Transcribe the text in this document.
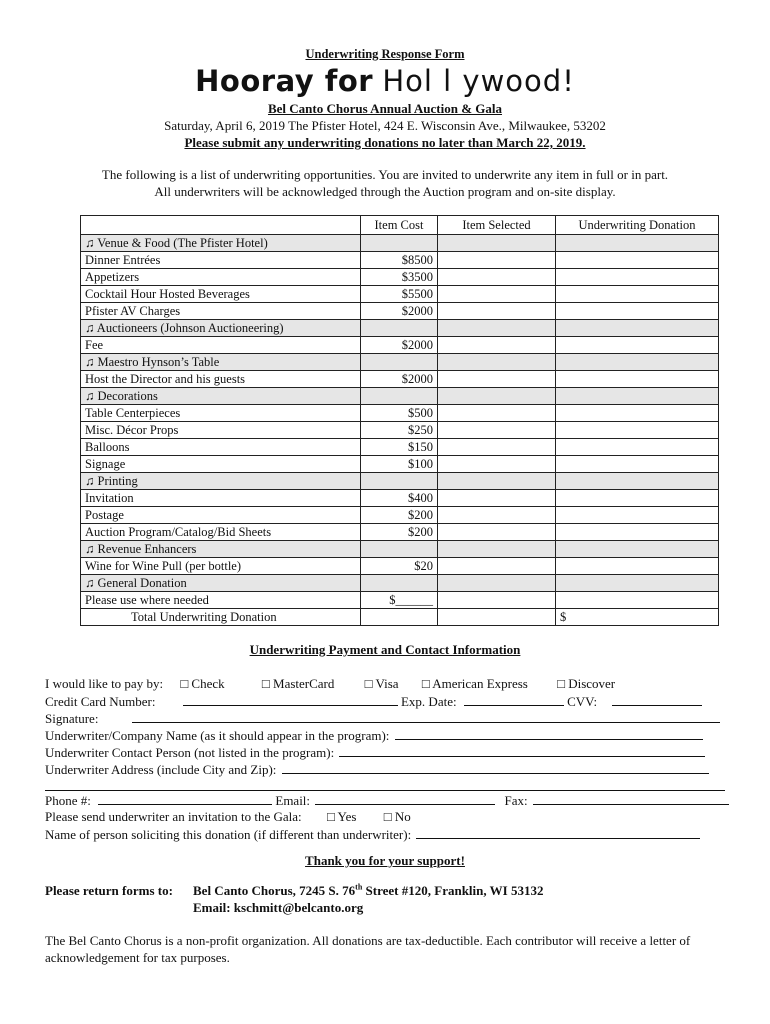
Underwriting Response Form
Hooray for Hol l ywood!
Bel Canto Chorus Annual Auction & Gala
Saturday, April 6, 2019 The Pfister Hotel, 424 E. Wisconsin Ave., Milwaukee, 53202
Please submit any underwriting donations no later than March 22, 2019.
The following is a list of underwriting opportunities. You are invited to underwrite any item in full or in part.
All underwriters will be acknowledged through the Auction program and on-site display.
	Item Cost	Item Selected	Underwriting Donation
♫ Venue & Food (The Pfister Hotel)			
Dinner Entrées	$8500		
Appetizers	$3500		
Cocktail Hour Hosted Beverages	$5500		
Pfister AV Charges	$2000		
♫ Auctioneers (Johnson Auctioneering)			
Fee	$2000		
♫ Maestro Hynson’s Table			
Host the Director and his guests	$2000		
♫ Decorations			
Table Centerpieces	$500		
Misc. Décor Props	$250		
Balloons	$150		
Signage	$100		
♫ Printing			
Invitation	$400		
Postage	$200		
Auction Program/Catalog/Bid Sheets	$200		
♫ Revenue Enhancers			
Wine for Wine Pull (per bottle)	$20		
♫ General Donation			
Please use where needed	$______		
Total Underwriting Donation			$
Underwriting Payment and Contact Information
I would like to pay by: □ Check	□ MasterCard □ Visa □ American Express □ Discover
Credit Card Number:	Exp. Date:	CVV:
Signature:
Underwriter/Company Name (as it should appear in the program):
Underwriter Contact Person (not listed in the program):
Underwriter Address (include City and Zip):
Phone #:	Email:	Fax:
Please send underwriter an invitation to the Gala: □ Yes □ No
Name of person soliciting this donation (if different than underwriter):
Thank you for your support!
Please return forms to: Bel Canto Chorus, 7245 S. 76th Street #120, Franklin, WI 53132
Email: kschmitt@belcanto.org
The Bel Canto Chorus is a non-profit organization. All donations are tax-deductible. Each contributor will receive a letter of acknowledgement for tax purposes.
